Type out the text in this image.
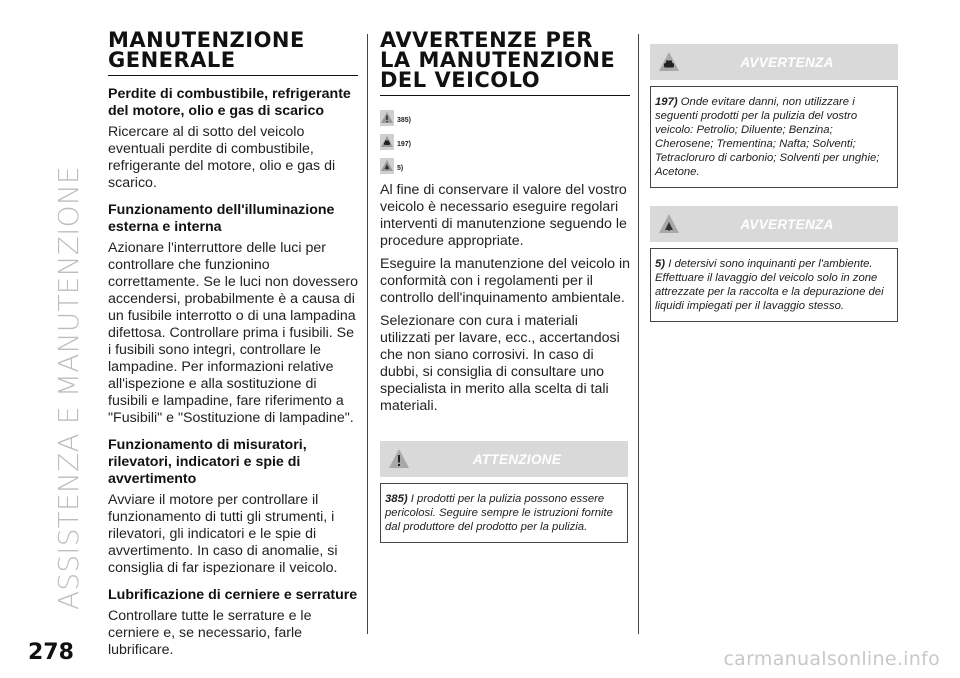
ASSISTENZA E MANUTENZIONE
278	carmanualsonline.info
MANUTENZIONE GENERALE
Perdite di combustibile, refrigerante del motore, olio e gas di scarico

Ricercare al di sotto del veicolo eventuali perdite di combustibile, refrigerante del motore, olio e gas di scarico.

Funzionamento dell'illuminazione esterna e interna

Azionare l'interruttore delle luci per controllare che funzionino correttamente. Se le luci non dovessero accendersi, probabilmente è a causa di un fusibile interrotto o di una lampadina difettosa. Controllare prima i fusibili. Se i fusibili sono integri, controllare le lampadine. Per informazioni relative all'ispezione e alla sostituzione di fusibili e lampadine, fare riferimento a "Fusibili" e "Sostituzione di lampadine".

Funzionamento di misuratori, rilevatori, indicatori e spie di avvertimento

Avviare il motore per controllare il funzionamento di tutti gli strumenti, i rilevatori, gli indicatori e le spie di avvertimento. In caso di anomalie, si consiglia di far ispezionare il veicolo.

Lubrificazione di cerniere e serrature

Controllare tutte le serrature e le cerniere e, se necessario, farle lubrificare.

AVVERTENZE PER LA MANUTENZIONE DEL VEICOLO
385)
197)
5)

Al fine di conservare il valore del vostro veicolo è necessario eseguire regolari interventi di manutenzione seguendo le procedure appropriate.

Eseguire la manutenzione del veicolo in conformità con i regolamenti per il controllo dell'inquinamento ambientale.

Selezionare con cura i materiali utilizzati per lavare, ecc., accertandosi che non siano corrosivi. In caso di dubbi, si consiglia di consultare uno specialista in merito alla scelta di tali materiali.

ATTENZIONE
385) I prodotti per la pulizia possono essere pericolosi. Seguire sempre le istruzioni fornite dal produttore del prodotto per la pulizia.
AVVERTENZA
197) Onde evitare danni, non utilizzare i seguenti prodotti per la pulizia del vostro veicolo: Petrolio; Diluente; Benzina; Cherosene; Trementina; Nafta; Solventi; Tetracloruro di carbonio; Solventi per unghie; Acetone.
AVVERTENZA
5) I detersivi sono inquinanti per l'ambiente. Effettuare il lavaggio del veicolo solo in zone attrezzate per la raccolta e la depurazione dei liquidi impiegati per il lavaggio stesso.
